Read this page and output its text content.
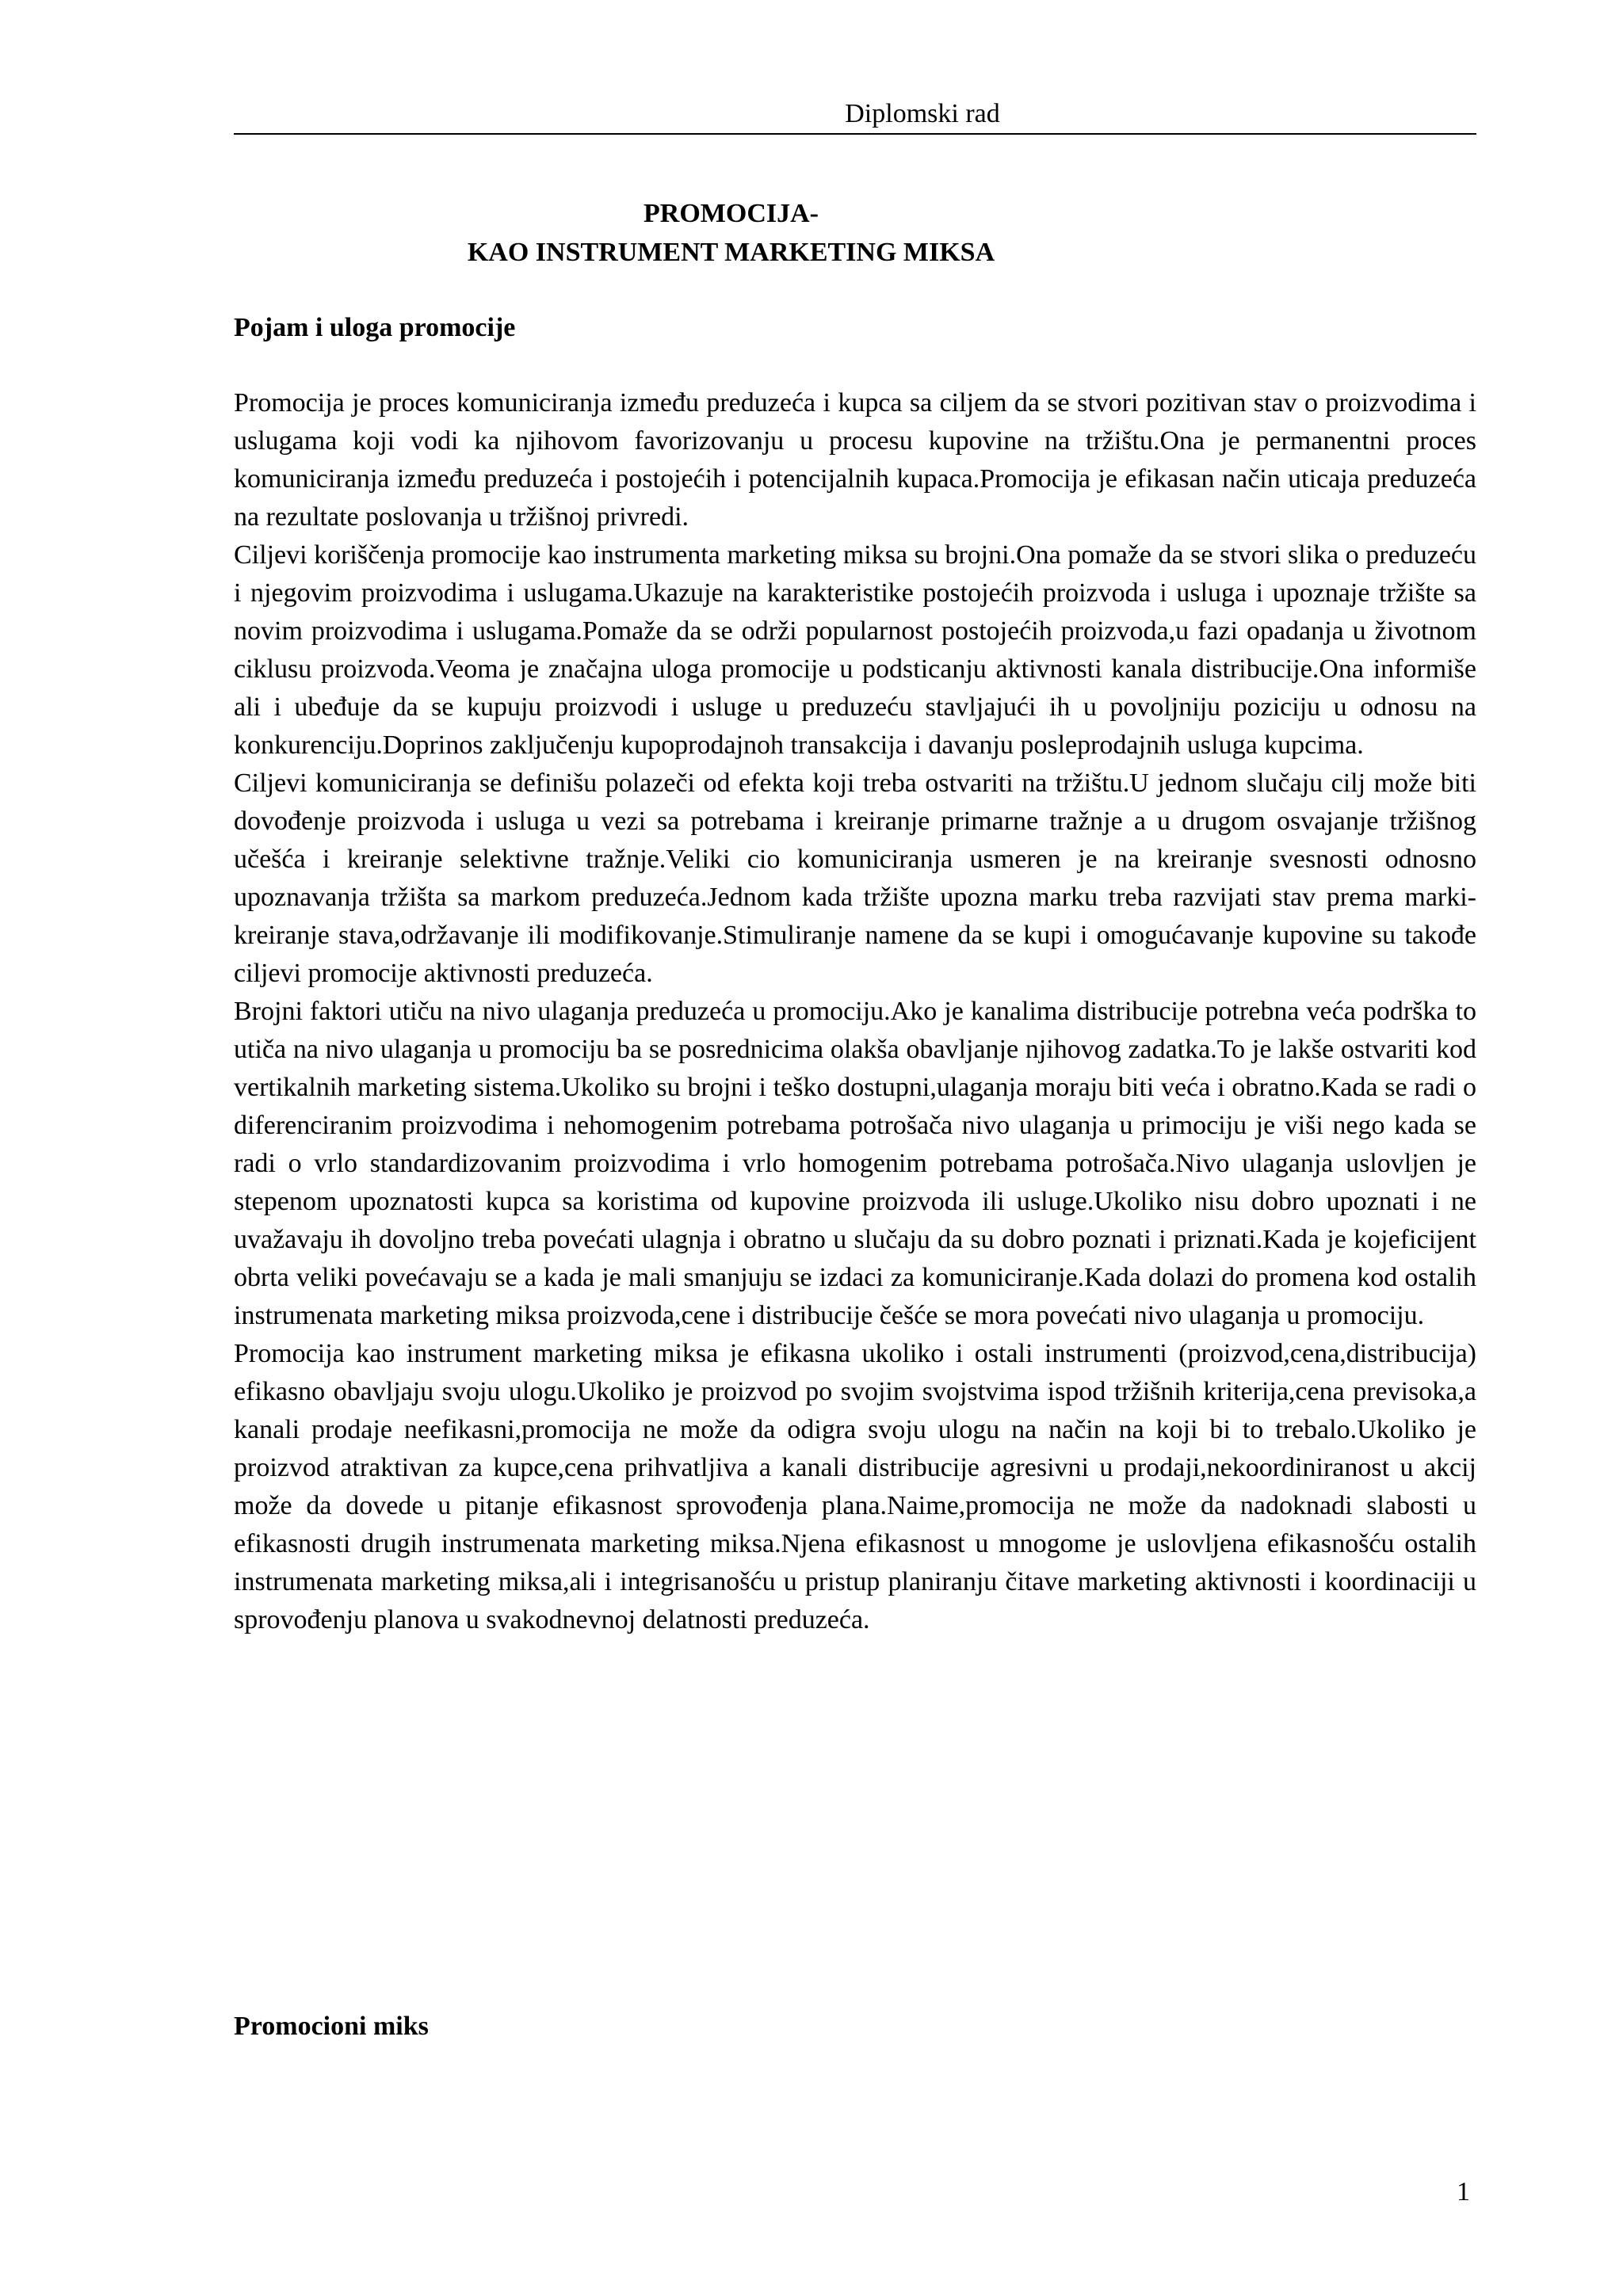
Diplomski rad
PROMOCIJA-
KAO INSTRUMENT MARKETING MIKSA
Pojam i uloga promocije

Promocija je proces komuniciranja između preduzeća i kupca sa ciljem da se stvori pozitivan stav o proizvodima i uslugama koji vodi ka njihovom favorizovanju u procesu kupovine na tržištu.Ona je permanentni proces komuniciranja između preduzeća i postojećih i potencijalnih kupaca.Promocija je efikasan način uticaja preduzeća na rezultate poslovanja u tržišnoj privredi.

Ciljevi koriščenja promocije kao instrumenta marketing miksa su brojni.Ona pomaže da se stvori slika o preduzeću i njegovim proizvodima i uslugama.Ukazuje na karakteristike postojećih proizvoda i usluga i upoznaje tržište sa novim proizvodima i uslugama.Pomaže da se održi popularnost postojećih proizvoda,u fazi opadanja u životnom ciklusu proizvoda.Veoma je značajna uloga promocije u podsticanju aktivnosti kanala distribucije.Ona informiše ali i ubeđuje da se kupuju proizvodi i usluge u preduzeću stavljajući ih u povoljniju poziciju u odnosu na konkurenciju.Doprinos zaključenju kupoprodajnoh transakcija i davanju posleprodajnih usluga kupcima.

Ciljevi komuniciranja se definišu polazeči od efekta koji treba ostvariti na tržištu.U jednom slučaju cilj može biti dovođenje proizvoda i usluga u vezi sa potrebama i kreiranje primarne tražnje a u drugom osvajanje tržišnog učešća i kreiranje selektivne tražnje.Veliki cio komuniciranja usmeren je na kreiranje svesnosti odnosno upoznavanja tržišta sa markom preduzeća.Jednom kada tržište upozna marku treba razvijati stav prema marki-kreiranje stava,održavanje ili modifikovanje.Stimuliranje namene da se kupi i omogućavanje kupovine su takođe ciljevi promocije aktivnosti preduzeća.

Brojni faktori utiču na nivo ulaganja preduzeća u promociju.Ako je kanalima distribucije potrebna veća podrška to utiča na nivo ulaganja u promociju ba se posrednicima olakša obavljanje njihovog zadatka.To je lakše ostvariti kod vertikalnih marketing sistema.Ukoliko su brojni i teško dostupni,ulaganja moraju biti veća i obratno.Kada se radi o diferenciranim proizvodima i nehomogenim potrebama potrošača nivo ulaganja u primociju je viši nego kada se radi o vrlo standardizovanim proizvodima i vrlo homogenim potrebama potrošača.Nivo ulaganja uslovljen je stepenom upoznatosti kupca sa koristima od kupovine proizvoda ili usluge.Ukoliko nisu dobro upoznati i ne uvažavaju ih dovoljno treba povećati ulagnja i obratno u slučaju da su dobro poznati i priznati.Kada je kojeficijent obrta veliki povećavaju se a kada je mali smanjuju se izdaci za komuniciranje.Kada dolazi do promena kod ostalih instrumenata marketing miksa proizvoda,cene i distribucije češće se mora povećati nivo ulaganja u promociju.

Promocija kao instrument marketing miksa je efikasna ukoliko i ostali instrumenti (proizvod,cena,distribucija) efikasno obavljaju svoju ulogu.Ukoliko je proizvod po svojim svojstvima ispod tržišnih kriterija,cena previsoka,a kanali prodaje neefikasni,promocija ne može da odigra svoju ulogu na način na koji bi to trebalo.Ukoliko je proizvod atraktivan za kupce,cena prihvatljiva a kanali distribucije agresivni u prodaji,nekoordiniranost u akcij može da dovede u pitanje efikasnost sprovođenja plana.Naime,promocija ne može da nadoknadi slabosti u efikasnosti drugih instrumenata marketing miksa.Njena efikasnost u mnogome je uslovljena efikasnošću ostalih instrumenata marketing miksa,ali i integrisanošću u pristup planiranju čitave marketing aktivnosti i koordinaciji u sprovođenju planova u svakodnevnoj delatnosti preduzeća.

Promocioni miks
1
